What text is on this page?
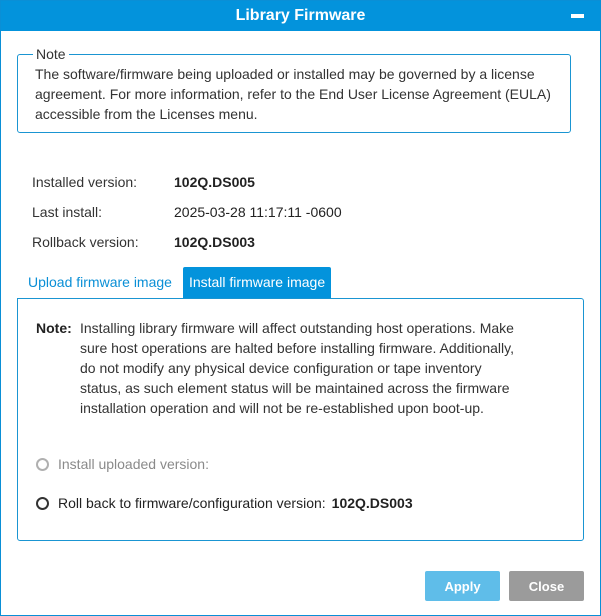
Library Firmware
Note
The software/firmware being uploaded or installed may be governed by a license agreement. For more information, refer to the End User License Agreement (EULA) accessible from the Licenses menu.
Installed version:	102Q.DS005
Last install:	2025-03-28 11:17:11 -0600
Rollback version:	102Q.DS003
Upload firmware image	Install firmware image
Note: Installing library firmware will affect outstanding host operations. Make sure host operations are halted before installing firmware. Additionally, do not modify any physical device configuration or tape inventory status, as such element status will be maintained across the firmware installation operation and will not be re-established upon boot-up.
Install uploaded version:
Roll back to firmware/configuration version: 102Q.DS003
Apply	Close
